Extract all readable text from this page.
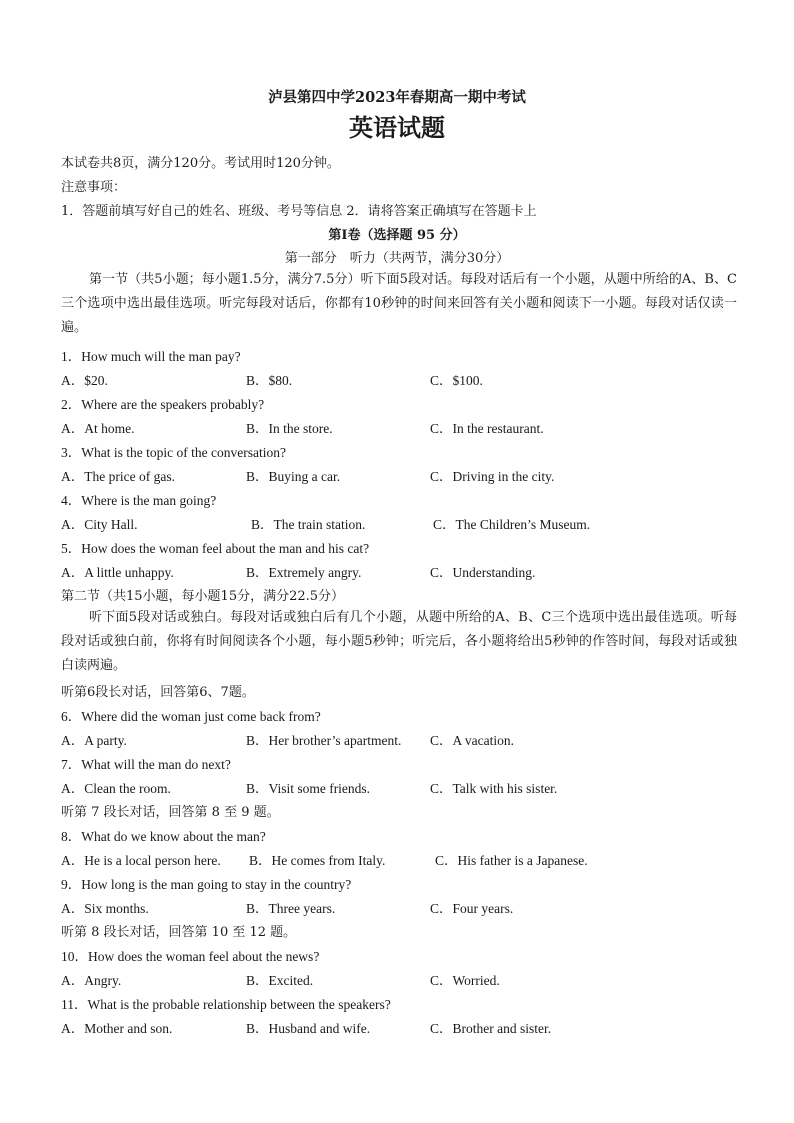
泸县第四中学2023年春期高一期中考试
英语试题
本试卷共8页，满分120分。考试用时120分钟。
注意事项：
1．答题前填写好自己的姓名、班级、考号等信息 2．请将答案正确填写在答题卡上
第I卷（选择题 95 分）
第一部分　听力（共两节，满分30分）
第一节（共5小题；每小题1.5分，满分7.5分）听下面5段对话。每段对话后有一个小题，从题中所给的A、B、C三个选项中选出最佳选项。听完每段对话后，你都有10秒钟的时间来回答有关小题和阅读下一小题。每段对话仅读一遍。
1．How much will the man pay?
A．$20.	B．$80.	C．$100.
2．Where are the speakers probably?
A．At home.	B．In the store.	C．In the restaurant.
3．What is the topic of the conversation?
A．The price of gas.	B．Buying a car.	C．Driving in the city.
4．Where is the man going?
A．City Hall.	B．The train station.	C．The Children’s Museum.
5．How does the woman feel about the man and his cat?
A．A little unhappy.	B．Extremely angry.	C．Understanding.
第二节（共15小题，每小题15分，满分22.5分）
听下面5段对话或独白。每段对话或独白后有几个小题，从题中所给的A、B、C三个选项中选出最佳选项。听每段对话或独白前，你将有时间阅读各个小题，每小题5秒钟；听完后，各小题将给出5秒钟的作答时间，每段对话或独白读两遍。
听第6段长对话，回答第6、7题。
6．Where did the woman just come back from?
A．A party.	B．Her brother’s apartment. C．A vacation.
7．What will the man do next?
A．Clean the room.	B．Visit some friends.	C．Talk with his sister.
听第 7 段长对话，回答第 8 至 9 题。
8．What do we know about the man?
A．He is a local person here. B．He comes from Italy.	C．His father is a Japanese.
9．How long is the man going to stay in the country?
A．Six months.	B．Three years.	C．Four years.
听第 8 段长对话，回答第 10 至 12 题。
10．How does the woman feel about the news?
A．Angry.	B．Excited.	C．Worried.
11．What is the probable relationship between the speakers?
A．Mother and son.	B．Husband and wife.	C．Brother and sister.
